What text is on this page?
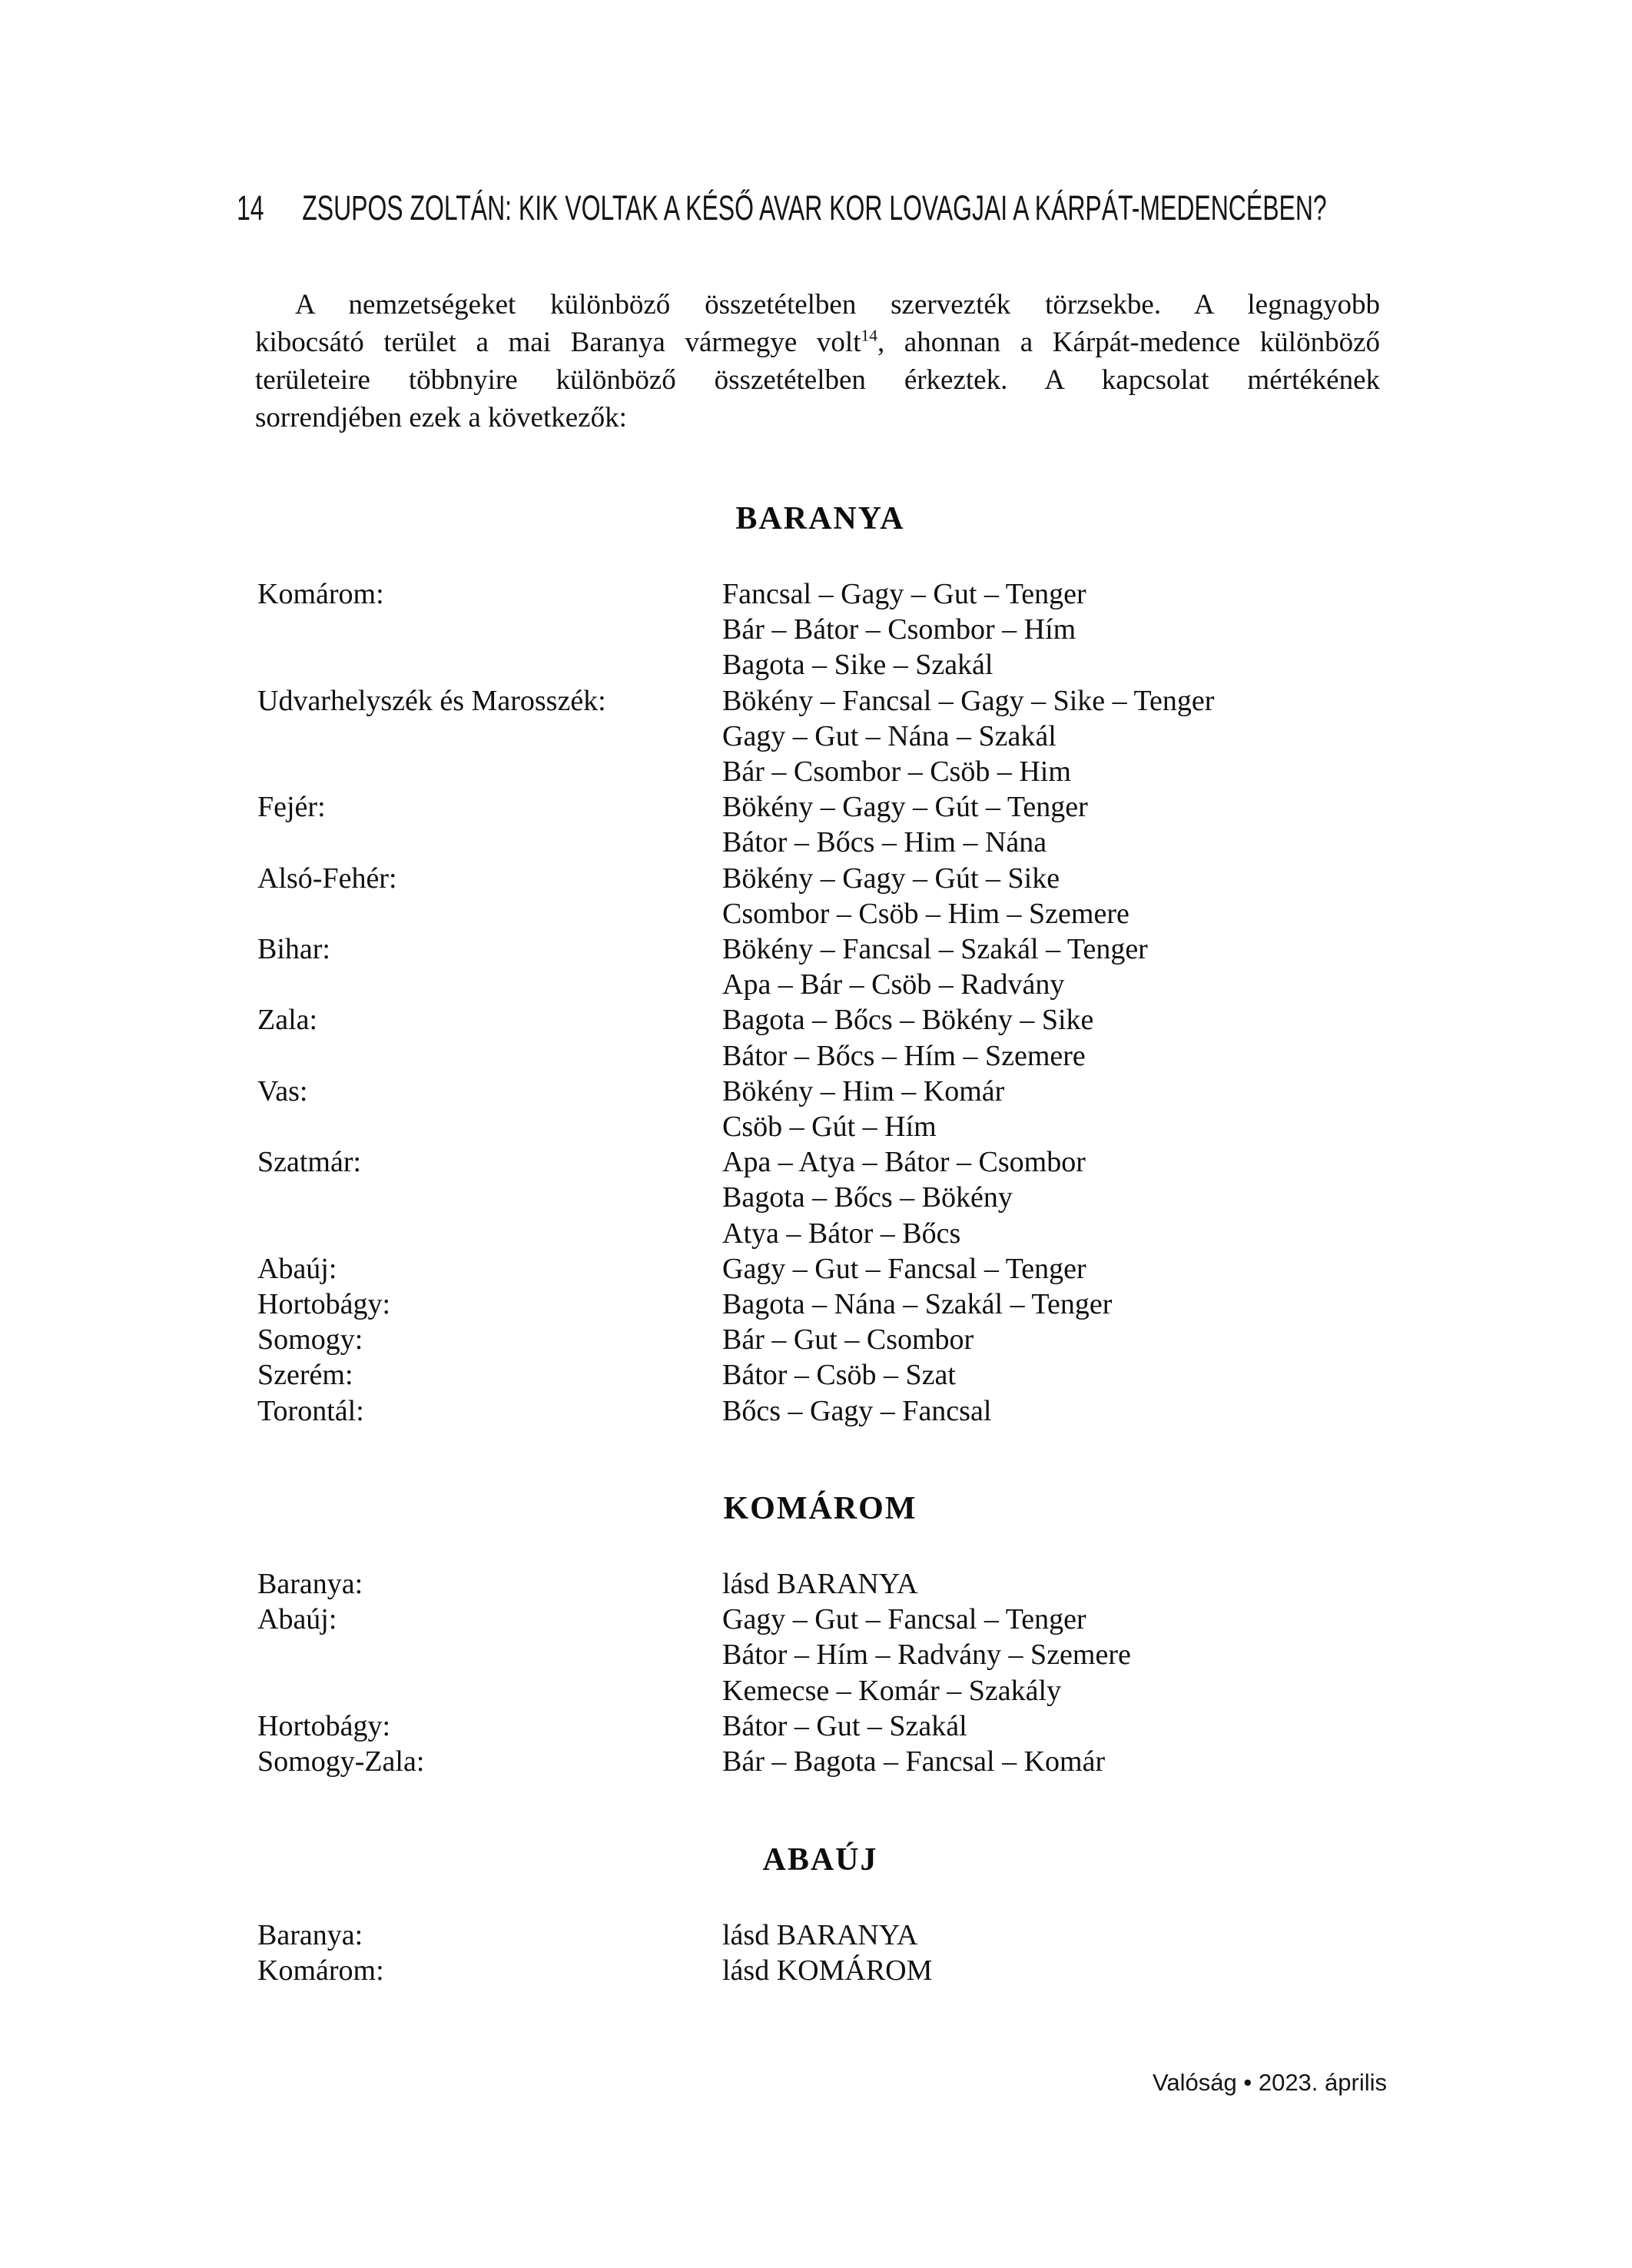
14 ZSUPOS ZOLTÁN: KIK VOLTAK A KÉSŐ AVAR KOR LOVAGJAI A KÁRPÁT-MEDENCÉBEN?
A nemzetségeket különböző összetételben szervezték törzsekbe. A legnagyobb
kibocsátó terület a mai Baranya vármegye volt$^{14}$, ahonnan a Kárpát-medence különböző
területeire többnyire különböző összetételben érkeztek. A kapcsolat mértékének
sorrendjében ezek a következők:
BARANYA
Komárom:	Fancsal – Gagy – Gut – Tenger
Bár – Bátor – Csombor – Hím
Bagota – Sike – Szakál
Udvarhelyszék és Marosszék:	Bökény – Fancsal – Gagy – Sike – Tenger
Gagy – Gut – Nána – Szakál
Bár – Csombor – Csöb – Him
Fejér:	Bökény – Gagy – Gút – Tenger
Bátor – Bőcs – Him – Nána
Alsó-Fehér:	Bökény – Gagy – Gút – Sike
Csombor – Csöb – Him – Szemere
Bihar:	Bökény – Fancsal – Szakál – Tenger
Apa – Bár – Csöb – Radvány
Zala:	Bagota – Bőcs – Bökény – Sike
Bátor – Bőcs – Hím – Szemere
Vas:	Bökény – Him – Komár
Csöb – Gút – Hím
Szatmár:	Apa – Atya – Bátor – Csombor
Bagota – Bőcs – Bökény
Atya – Bátor – Bőcs
Abaúj:	Gagy – Gut – Fancsal – Tenger
Hortobágy:	Bagota – Nána – Szakál – Tenger
Somogy:	Bár – Gut – Csombor
Szerém:	Bátor – Csöb – Szat
Torontál:	Bőcs – Gagy – Fancsal
KOMÁROM
Baranya:	lásd BARANYA
Abaúj:	Gagy – Gut – Fancsal – Tenger
Bátor – Hím – Radvány – Szemere
Kemecse – Komár – Szakály
Hortobágy:	Bátor – Gut – Szakál
Somogy-Zala:	Bár – Bagota – Fancsal – Komár
ABAÚJ
Baranya:	lásd BARANYA
Komárom:	lásd KOMÁROM
Valóság • 2023. április
